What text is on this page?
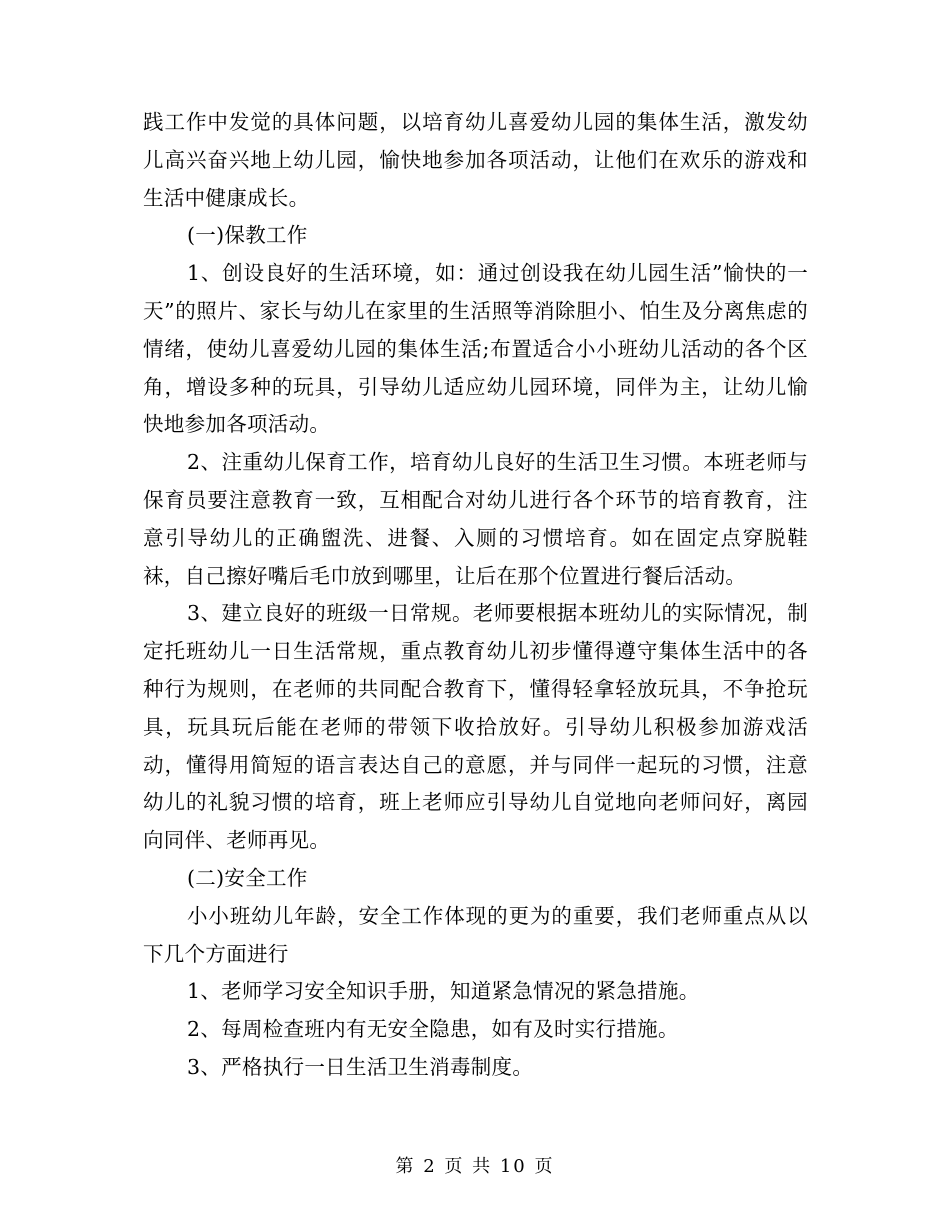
践工作中发觉的具体问题，以培育幼儿喜爱幼儿园的集体生活，激发幼儿高兴奋兴地上幼儿园，愉快地参加各项活动，让他们在欢乐的游戏和生活中健康成长。

(一)保教工作

1、创设良好的生活环境，如：通过创设我在幼儿园生活”愉快的一天”的照片、家长与幼儿在家里的生活照等消除胆小、怕生及分离焦虑的情绪，使幼儿喜爱幼儿园的集体生活;布置适合小小班幼儿活动的各个区角，增设多种的玩具，引导幼儿适应幼儿园环境，同伴为主，让幼儿愉快地参加各项活动。

2、注重幼儿保育工作，培育幼儿良好的生活卫生习惯。本班老师与保育员要注意教育一致，互相配合对幼儿进行各个环节的培育教育，注意引导幼儿的正确盥洗、进餐、入厕的习惯培育。如在固定点穿脱鞋袜，自己擦好嘴后毛巾放到哪里，让后在那个位置进行餐后活动。

3、建立良好的班级一日常规。老师要根据本班幼儿的实际情况，制定托班幼儿一日生活常规，重点教育幼儿初步懂得遵守集体生活中的各种行为规则，在老师的共同配合教育下，懂得轻拿轻放玩具，不争抢玩具，玩具玩后能在老师的带领下收拾放好。引导幼儿积极参加游戏活动，懂得用简短的语言表达自己的意愿，并与同伴一起玩的习惯，注意幼儿的礼貌习惯的培育，班上老师应引导幼儿自觉地向老师问好，离园向同伴、老师再见。

(二)安全工作

小小班幼儿年龄，安全工作体现的更为的重要，我们老师重点从以下几个方面进行

1、老师学习安全知识手册，知道紧急情况的紧急措施。

2、每周检查班内有无安全隐患，如有及时实行措施。

3、严格执行一日生活卫生消毒制度。

第 2 页 共 10 页
